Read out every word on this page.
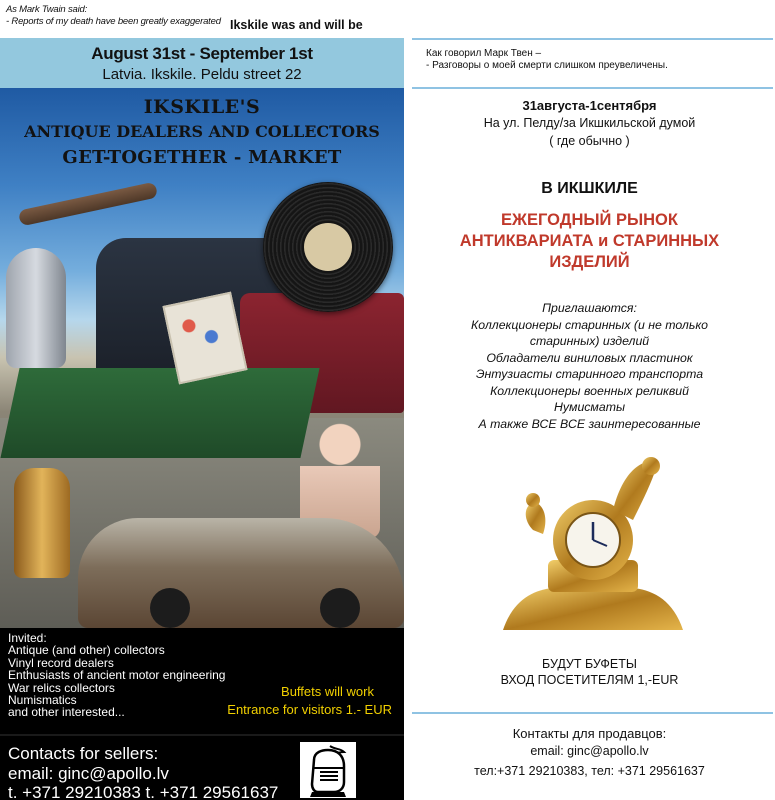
As Mark Twain said:
- Reports of my death have been greatly exaggerated Ikskile was and will be
August 31st - September 1st
Latvia. Ikskile. Peldu street 22
IKSKILE'S
ANTIQUE DEALERS AND COLLECTORS
GET-TOGETHER - MARKET
Invited:
Antique (and other) collectors
Vinyl record dealers
Enthusiasts of ancient motor engineering
War relics collectors
Numismatics
and other interested...
Buffets will work
Entrance for visitors 1.- EUR
Contacts for sellers:
email: ginc@apollo.lv
t. +371 29210383 t. +371 29561637
Как говорил Марк Твен –
- Разговоры о моей смерти слишком преувеличены.
31августа-1сентября
На ул. Пелду/за Икшкильской думой
( где обычно )
В ИКШКИЛЕ
ЕЖЕГОДНЫЙ РЫНОК
АНТИКВАРИАТА и СТАРИННЫХ
ИЗДЕЛИЙ
Приглашаются:
Коллекционеры старинных (и не только
старинных) изделий
Обладатели виниловых пластинок
Энтузиасты старинного транспорта
Коллекционеры военных реликвий
Нумисматы
А также ВСЕ ВСЕ заинтересованные
БУДУТ БУФЕТЫ
ВХОД ПОСЕТИТЕЛЯМ 1,-EUR
Контакты для продавцов:
email: ginc@apollo.lv
тел:+371 29210383, тел: +371 29561637
